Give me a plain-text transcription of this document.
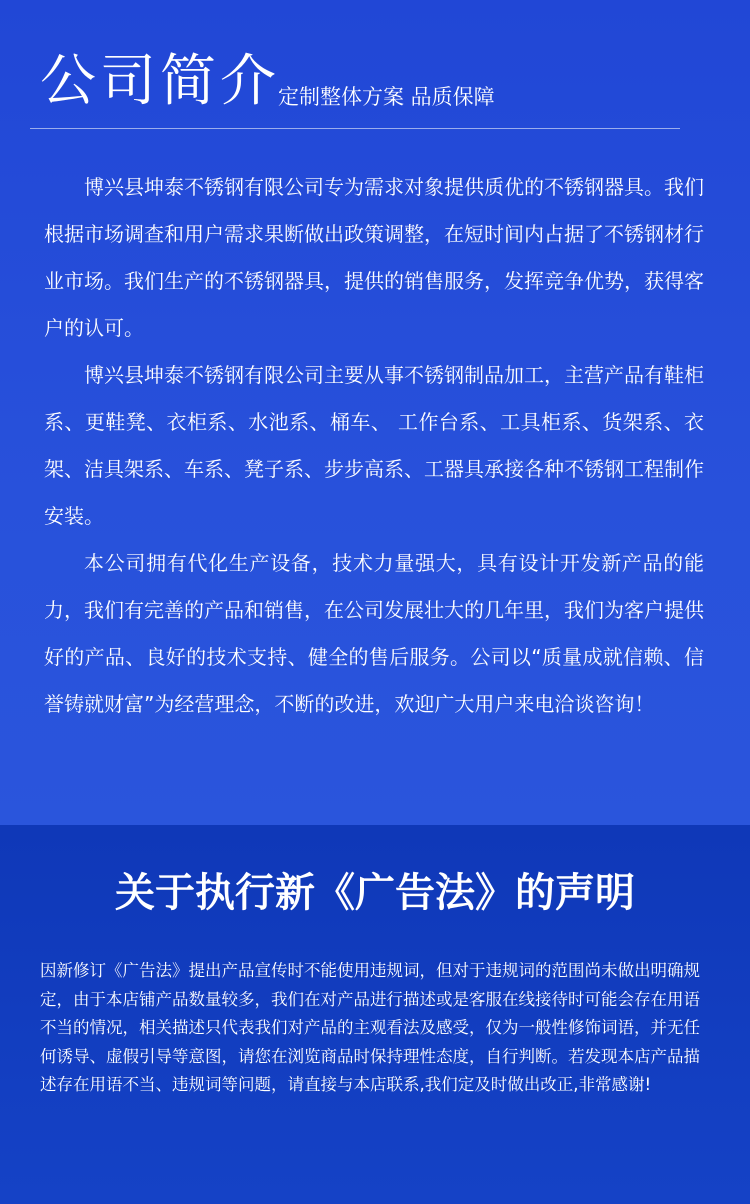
公司简介
定制整体方案 品质保障

博兴县坤泰不锈钢有限公司专为需求对象提供质优的不锈钢器具。我们根据市场调查和用户需求果断做出政策调整，在短时间内占据了不锈钢材行业市场。我们生产的不锈钢器具，提供的销售服务，发挥竞争优势，获得客户的认可。

博兴县坤泰不锈钢有限公司主要从事不锈钢制品加工，主营产品有鞋柜系、更鞋凳、衣柜系、水池系、桶车、 工作台系、工具柜系、货架系、衣架、洁具架系、车系、凳子系、步步高系、工器具承接各种不锈钢工程制作安装。

本公司拥有代化生产设备，技术力量强大，具有设计开发新产品的能力，我们有完善的产品和销售，在公司发展壮大的几年里，我们为客户提供好的产品、良好的技术支持、健全的售后服务。公司以“质量成就信赖、信誉铸就财富”为经营理念，不断的改进，欢迎广大用户来电洽谈咨询！

关于执行新《广告法》的声明

因新修订《广告法》提出产品宣传时不能使用违规词，但对于违规词的范围尚未做出明确规定，由于本店铺产品数量较多，我们在对产品进行描述或是客服在线接待时可能会存在用语不当的情况，相关描述只代表我们对产品的主观看法及感受，仅为一般性修饰词语，并无任何诱导、虚假引导等意图，请您在浏览商品时保持理性态度，自行判断。若发现本店产品描述存在用语不当、违规词等问题，请直接与本店联系,我们定及时做出改正,非常感谢!
